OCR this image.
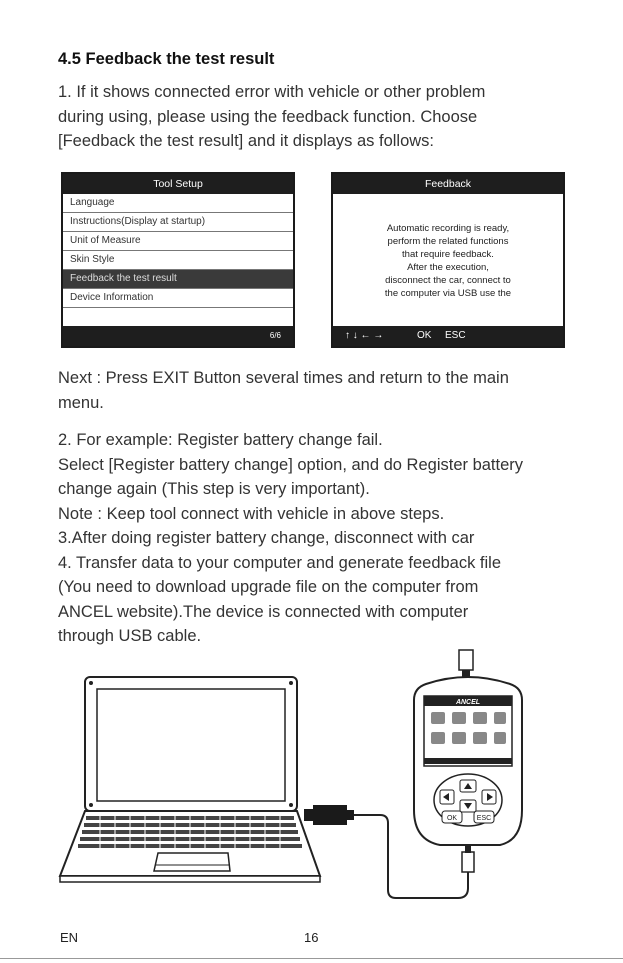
4.5 Feedback the test result
1. If it shows connected error with vehicle or other problem
during using, please using the feedback function. Choose
[Feedback the test result] and it displays as follows:
Tool Setup
Language
Instructions(Display at startup)
Unit of Measure
Skin Style
Feedback the test result
Device Information
6/6
Feedback
Automatic recording is ready,
perform the related functions
that require feedback.
After the execution,
disconnect the car, connect to
the computer via USB use the
↑ ↓ ← →	OK ESC
Next : Press EXIT Button several times and return to the main
menu.
2. For example: Register battery change fail.
Select [Register battery change] option, and do Register battery
change again (This step is very important).
Note : Keep tool connect with vehicle in above steps.
3.After doing register battery change, disconnect with car
4. Transfer data to your computer and generate feedback file
(You need to download upgrade file on the computer from
ANCEL website).The device is connected with computer
through USB cable.
ANCEL
OK	ESC
EN	16
